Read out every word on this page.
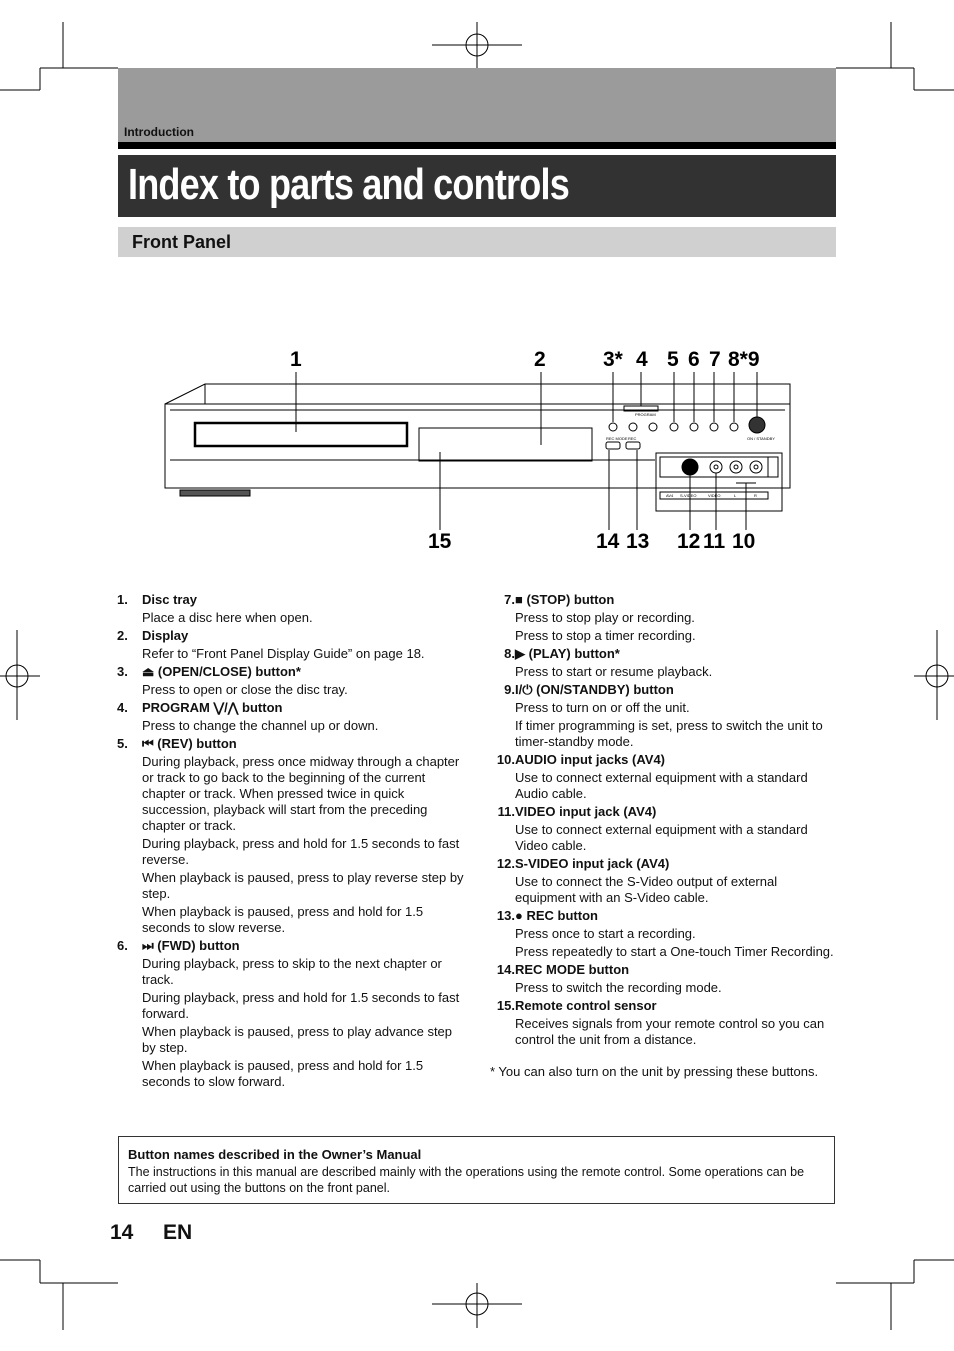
Introduction
Index to parts and controls
Front Panel
1	2	3* 4 5 6 7 8*9
15	14 13 12 11 10
PROGRAM
REC MODE REC	ON / STANDBY
AV4 S-VIDEO	VIDEO	L	R
1.	Disc tray

Place a disc here when open.

2.	Display

Refer to “Front Panel Display Guide” on page 18.

3.	⏏ (OPEN/CLOSE) button*

Press to open or close the disc tray.

4.	PROGRAM ⋁/⋀ button

Press to change the channel up or down.

5.	⏮ (REV) button

During playback, press once midway through a chapter or track to go back to the beginning of the current chapter or track. When pressed twice in quick succession, playback will start from the preceding chapter or track.

During playback, press and hold for 1.5 seconds to fast reverse.

When playback is paused, press to play reverse step by step.

When playback is paused, press and hold for 1.5 seconds to slow reverse.

6.	⏭ (FWD) button

During playback, press to skip to the next chapter or track.

During playback, press and hold for 1.5 seconds to fast forward.

When playback is paused, press to play advance step by step.

When playback is paused, press and hold for 1.5 seconds to slow forward.

7. ■ (STOP) button

Press to stop play or recording.

Press to stop a timer recording.

8. ▶ (PLAY) button*

Press to start or resume playback.

9. I/⏻ (ON/STANDBY) button

Press to turn on or off the unit.

If timer programming is set, press to switch the unit to timer-standby mode.

10. AUDIO input jacks (AV4)

Use to connect external equipment with a standard Audio cable.

11. VIDEO input jack (AV4)

Use to connect external equipment with a standard Video cable.

12. S-VIDEO input jack (AV4)

Use to connect the S-Video output of external equipment with an S-Video cable.

13. ● REC button

Press once to start a recording.

Press repeatedly to start a One-touch Timer Recording.

14. REC MODE button

Press to switch the recording mode.

15. Remote control sensor

Receives signals from your remote control so you can control the unit from a distance.

* You can also turn on the unit by pressing these buttons.
Button names described in the Owner’s Manual
The instructions in this manual are described mainly with the operations using the remote control. Some operations can be carried out using the buttons on the front panel.
14 EN
